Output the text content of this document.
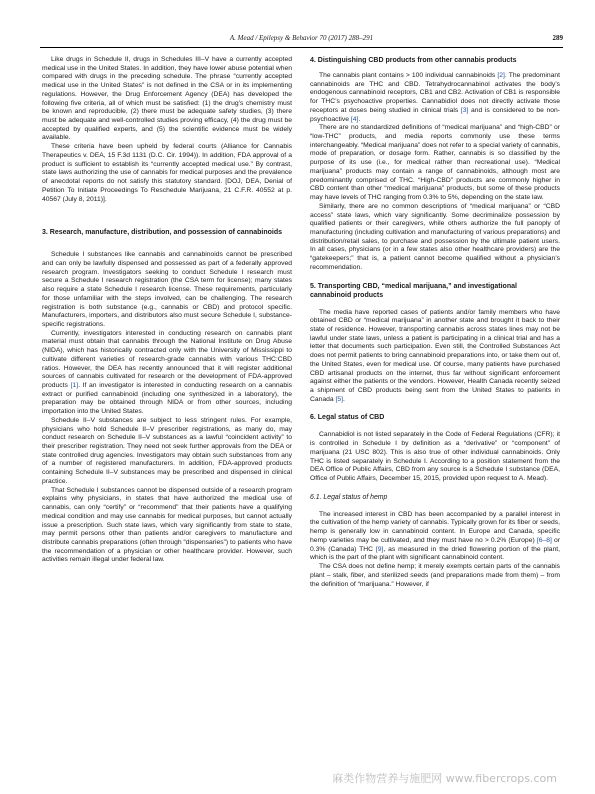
A. Mead / Epilepsy & Behavior 70 (2017) 288–291	289

Like drugs in Schedule II, drugs in Schedules III–V have a currently accepted medical use in the United States. In addition, they have lower abuse potential when compared with drugs in the preceding schedule. The phrase “currently accepted medical use in the United States” is not defined in the CSA or in its implementing regulations. However, the Drug Enforcement Agency (DEA) has developed the following five criteria, all of which must be satisfied: (1) the drug’s chemistry must be known and reproducible, (2) there must be adequate safety studies, (3) there must be adequate and well-controlled studies proving efficacy, (4) the drug must be accepted by qualified experts, and (5) the scientific evidence must be widely available.

These criteria have been upheld by federal courts (Alliance for Cannabis Therapeutics v. DEA, 15 F.3d 1131 (D.C. Cir. 1994)). In addition, FDA approval of a product is sufficient to establish its “currently accepted medical use.” By contrast, state laws authorizing the use of cannabis for medical purposes and the prevalence of anecdotal reports do not satisfy this statutory standard. [DOJ, DEA, Denial of Petition To Initiate Proceedings To Reschedule Marijuana, 21 C.F.R. 40552 at p. 40567 (July 8, 2011)].

3. Research, manufacture, distribution, and possession of cannabinoids

Schedule I substances like cannabis and cannabinoids cannot be prescribed and can only be lawfully dispensed and possessed as part of a federally approved research program. Investigators seeking to conduct Schedule I research must secure a Schedule I research registration (the CSA term for license); many states also require a state Schedule I research license. These requirements, particularly for those unfamiliar with the steps involved, can be challenging. The research registration is both substance (e.g., cannabis or CBD) and protocol specific. Manufacturers, importers, and distributors also must secure Schedule I, substance-specific registrations.

Currently, investigators interested in conducting research on cannabis plant material must obtain that cannabis through the National Institute on Drug Abuse (NIDA), which has historically contracted only with the University of Mississippi to cultivate different varieties of research-grade cannabis with various THC:CBD ratios. However, the DEA has recently announced that it will register additional sources of cannabis cultivated for research or the development of FDA-approved products [1]. If an investigator is interested in conducting research on a cannabis extract or purified cannabinoid (including one synthesized in a laboratory), the preparation may be obtained through NIDA or from other sources, including importation into the United States.

Schedule II–V substances are subject to less stringent rules. For example, physicians who hold Schedule II–V prescriber registrations, as many do, may conduct research on Schedule II–V substances as a lawful “coincident activity” to their prescriber registration. They need not seek further approvals from the DEA or state controlled drug agencies. Investigators may obtain such substances from any of a number of registered manufacturers. In addition, FDA-approved products containing Schedule II–V substances may be prescribed and dispensed in clinical practice.

That Schedule I substances cannot be dispensed outside of a research program explains why physicians, in states that have authorized the medical use of cannabis, can only “certify” or “recommend” that their patients have a qualifying medical condition and may use cannabis for medical purposes, but cannot actually issue a prescription. Such state laws, which vary significantly from state to state, may permit persons other than patients and/or caregivers to manufacture and distribute cannabis preparations (often through “dispensaries”) to patients who have the recommendation of a physician or other healthcare provider. However, such activities remain illegal under federal law.

4. Distinguishing CBD products from other cannabis products

The cannabis plant contains > 100 individual cannabinoids [2]. The predominant cannabinoids are THC and CBD. Tetrahydrocannabinol activates the body’s endogenous cannabinoid receptors, CB1 and CB2. Activation of CB1 is responsible for THC’s psychoactive properties. Cannabidiol does not directly activate those receptors at doses being studied in clinical trials [3] and is considered to be non-psychoactive [4].

There are no standardized definitions of “medical marijuana” and “high-CBD” or “low-THC” products, and media reports commonly use these terms interchangeably. “Medical marijuana” does not refer to a special variety of cannabis, mode of preparation, or dosage form. Rather, cannabis is so classified by the purpose of its use (i.e., for medical rather than recreational use). “Medical marijuana” products may contain a range of cannabinoids, although most are predominantly comprised of THC. “High-CBD” products are commonly higher in CBD content than other “medical marijuana” products, but some of these products may have levels of THC ranging from 0.3% to 5%, depending on the state law.

Similarly, there are no common descriptions of “medical marijuana” or “CBD access” state laws, which vary significantly. Some decriminalize possession by qualified patients or their caregivers, while others authorize the full panoply of manufacturing (including cultivation and manufacturing of various preparations) and distribution/retail sales, to purchase and possession by the ultimate patient users. In all cases, physicians (or in a few states also other healthcare providers) are the “gatekeepers;” that is, a patient cannot become qualified without a physician’s recommendation.

5. Transporting CBD, “medical marijuana,” and investigational cannabinoid products

The media have reported cases of patients and/or family members who have obtained CBD or “medical marijuana” in another state and brought it back to their state of residence. However, transporting cannabis across states lines may not be lawful under state laws, unless a patient is participating in a clinical trial and has a letter that documents such participation. Even still, the Controlled Substances Act does not permit patients to bring cannabinoid preparations into, or take them out of, the United States, even for medical use. Of course, many patients have purchased CBD artisanal products on the internet, thus far without significant enforcement against either the patients or the vendors. However, Health Canada recently seized a shipment of CBD products being sent from the United States to patients in Canada [5].

6. Legal status of CBD

Cannabidiol is not listed separately in the Code of Federal Regulations (CFR); it is controlled in Schedule I by definition as a “derivative” or “component” of marijuana (21 USC 802). This is also true of other individual cannabinoids. Only THC is listed separately in Schedule I. According to a position statement from the DEA Office of Public Affairs, CBD from any source is a Schedule I substance (DEA, Office of Public Affairs, December 15, 2015, provided upon request to A. Mead).

6.1. Legal status of hemp

The increased interest in CBD has been accompanied by a parallel interest in the cultivation of the hemp variety of cannabis. Typically grown for its fiber or seeds, hemp is generally low in cannabinoid content. In Europe and Canada, specific hemp varieties may be cultivated, and they must have no > 0.2% (Europe) [6–8] or 0.3% (Canada) THC [9], as measured in the dried flowering portion of the plant, which is the part of the plant with significant cannabinoid content.

The CSA does not define hemp; it merely exempts certain parts of the cannabis plant – stalk, fiber, and sterilized seeds (and preparations made from them) – from the definition of “marijuana.” However, if

麻类作物营养与施肥网 www.fibercrops.com
